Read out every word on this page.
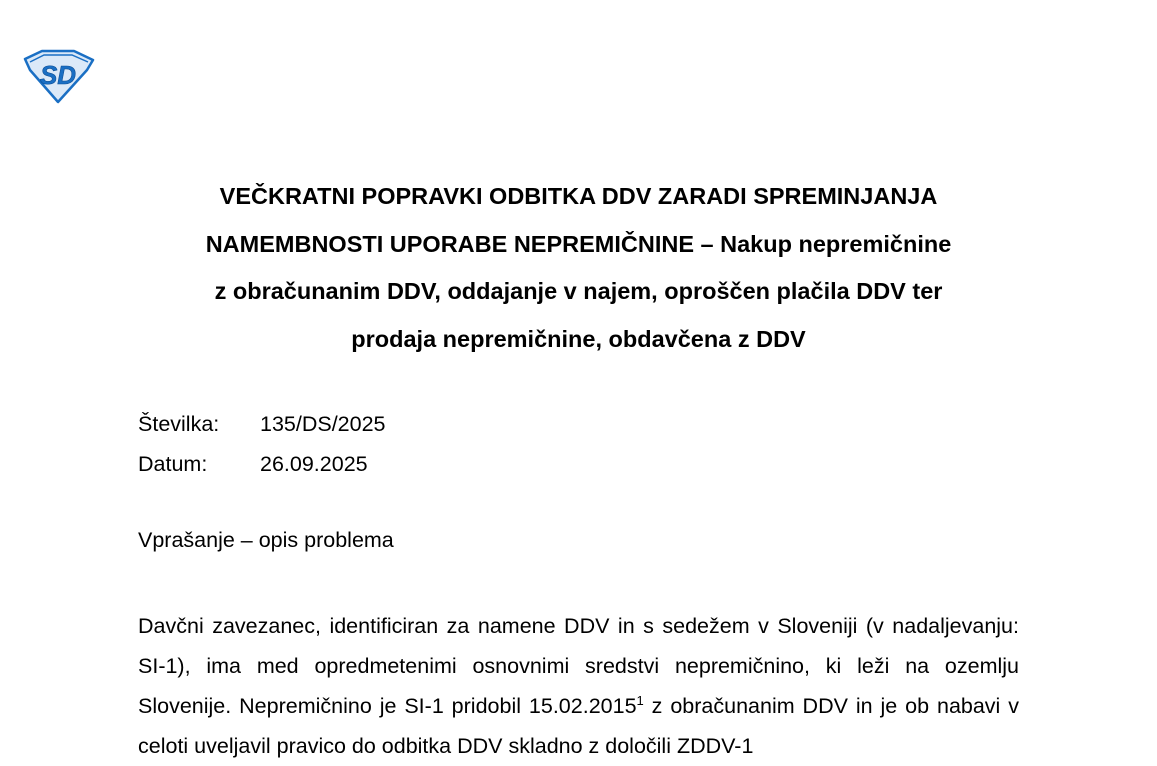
SD
VEČKRATNI POPRAVKI ODBITKA DDV ZARADI SPREMINJANJA
NAMEMBNOSTI UPORABE NEPREMIČNINE – Nakup nepremičnine
z obračunanim DDV, oddajanje v najem, oproščen plačila DDV ter
prodaja nepremičnine, obdavčena z DDV
Številka: 135/DS/2025
Datum: 26.09.2025
Vprašanje – opis problema

Davčni zavezanec, identificiran za namene DDV in s sedežem v Sloveniji (v nadaljevanju: SI-1), ima med opredmetenimi osnovnimi sredstvi nepremičnino, ki leži na ozemlju Slovenije. Nepremičnino je SI-1 pridobil 15.02.2015$^1$ z obračunanim DDV in je ob nabavi v celoti uveljavil pravico do odbitka DDV skladno z določili ZDDV-1
